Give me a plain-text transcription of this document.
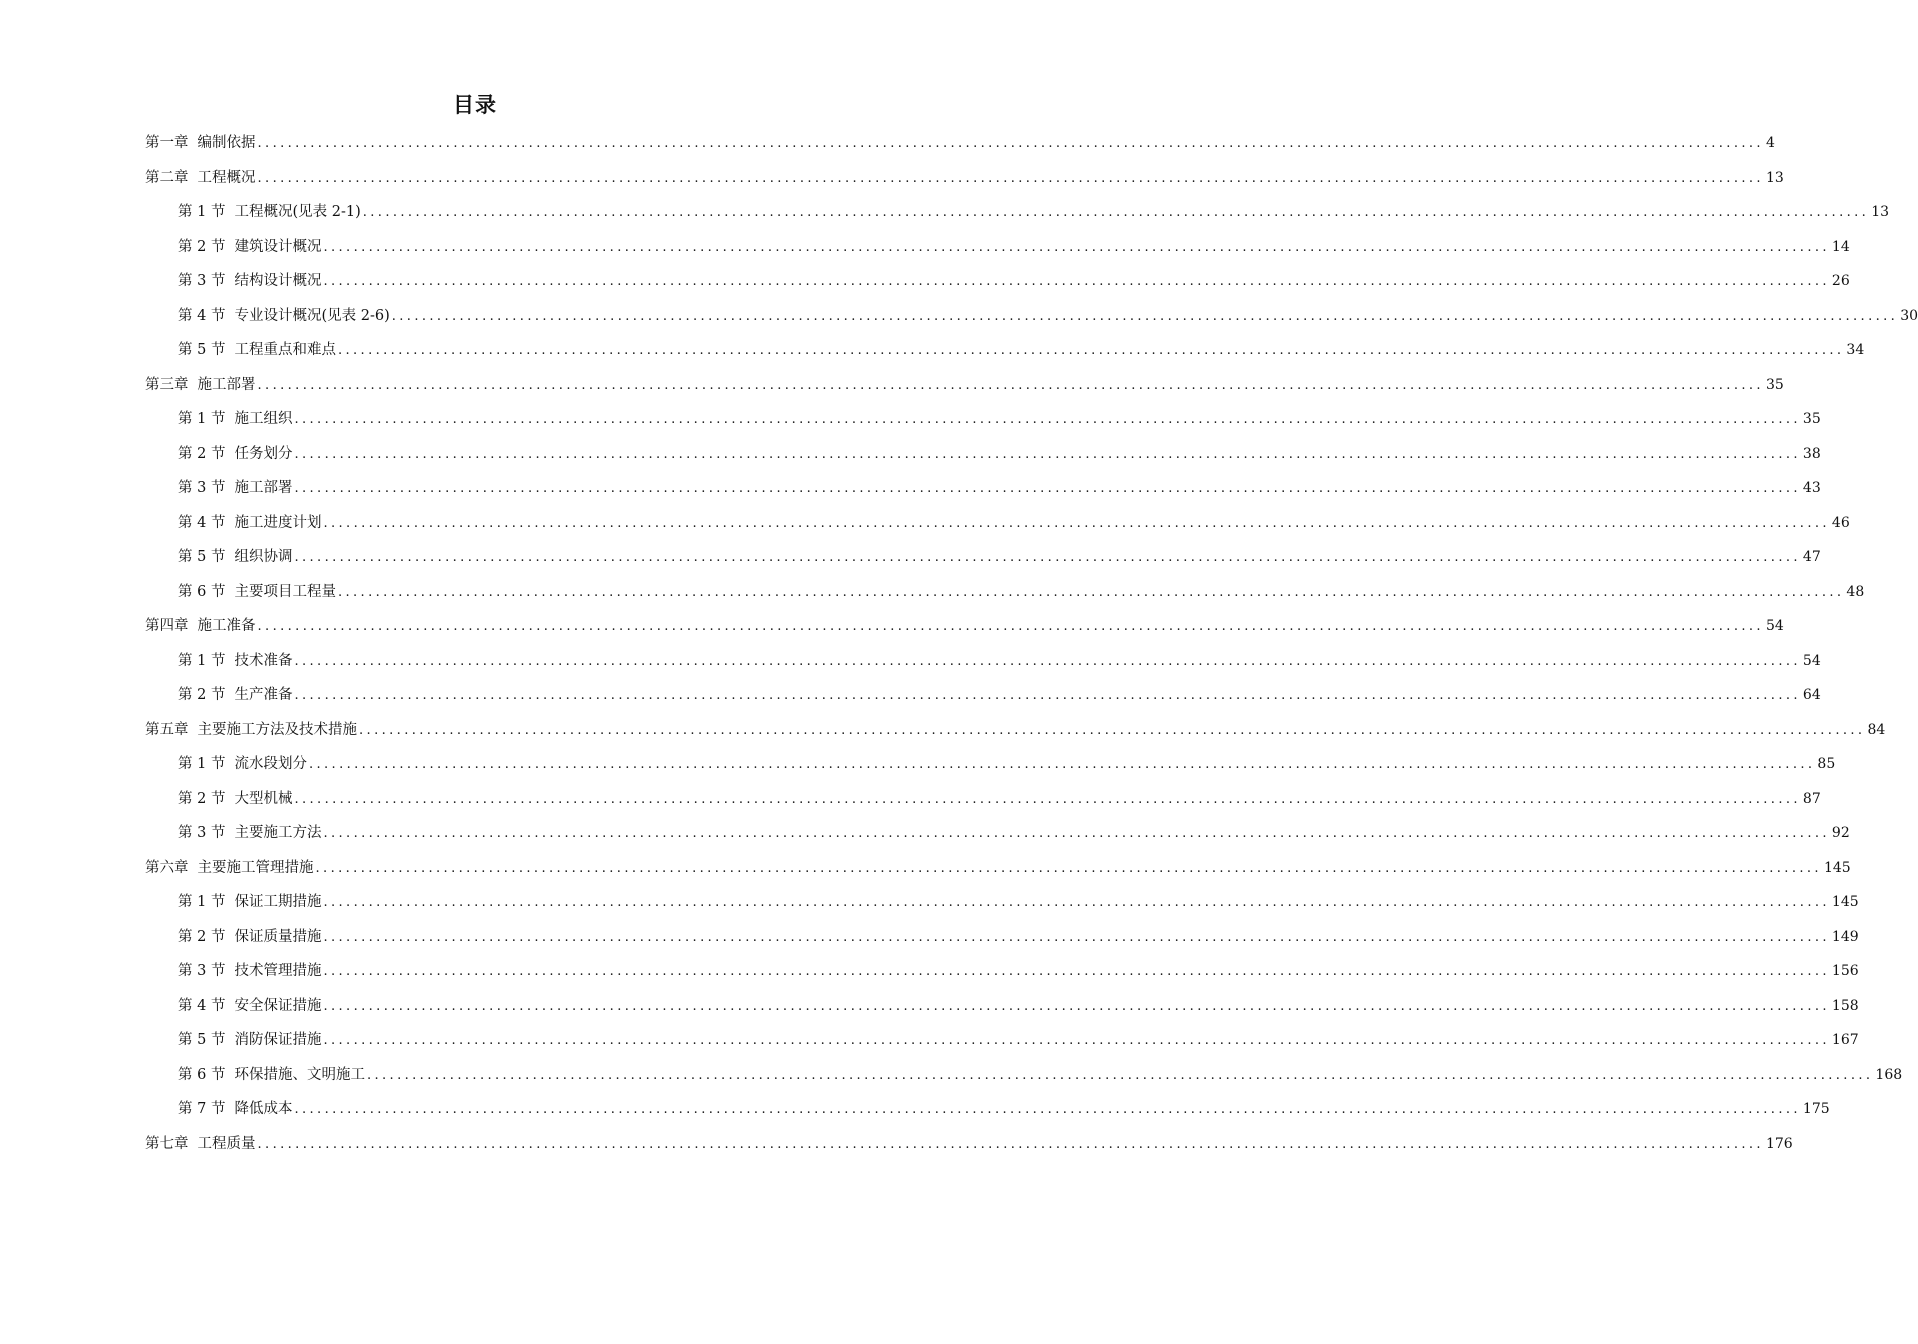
目录
第一章 编制依据 ........................................................................................................................................................................................................ 4
第二章 工程概况 ........................................................................................................................................................................................................ 13
第 1 节 工程概况(见表 2-1) ........................................................................................................................................................................................................ 13
第 2 节 建筑设计概况 ........................................................................................................................................................................................................ 14
第 3 节 结构设计概况 ........................................................................................................................................................................................................ 26
第 4 节 专业设计概况(见表 2-6) ........................................................................................................................................................................................................ 30
第 5 节 工程重点和难点 ........................................................................................................................................................................................................ 34
第三章 施工部署 ........................................................................................................................................................................................................ 35
第 1 节 施工组织 ........................................................................................................................................................................................................ 35
第 2 节 任务划分 ........................................................................................................................................................................................................ 38
第 3 节 施工部署 ........................................................................................................................................................................................................ 43
第 4 节 施工进度计划 ........................................................................................................................................................................................................ 46
第 5 节 组织协调 ........................................................................................................................................................................................................ 47
第 6 节 主要项目工程量 ........................................................................................................................................................................................................ 48
第四章 施工准备 ........................................................................................................................................................................................................ 54
第 1 节 技术准备 ........................................................................................................................................................................................................ 54
第 2 节 生产准备 ........................................................................................................................................................................................................ 64
第五章 主要施工方法及技术措施 ........................................................................................................................................................................................................ 84
第 1 节 流水段划分 ........................................................................................................................................................................................................ 85
第 2 节 大型机械 ........................................................................................................................................................................................................ 87
第 3 节 主要施工方法 ........................................................................................................................................................................................................ 92
第六章 主要施工管理措施 ........................................................................................................................................................................................................ 145
第 1 节 保证工期措施 ........................................................................................................................................................................................................ 145
第 2 节 保证质量措施 ........................................................................................................................................................................................................ 149
第 3 节 技术管理措施 ........................................................................................................................................................................................................ 156
第 4 节 安全保证措施 ........................................................................................................................................................................................................ 158
第 5 节 消防保证措施 ........................................................................................................................................................................................................ 167
第 6 节 环保措施、文明施工 ........................................................................................................................................................................................................ 168
第 7 节 降低成本 ........................................................................................................................................................................................................ 175
第七章 工程质量 ........................................................................................................................................................................................................ 176
